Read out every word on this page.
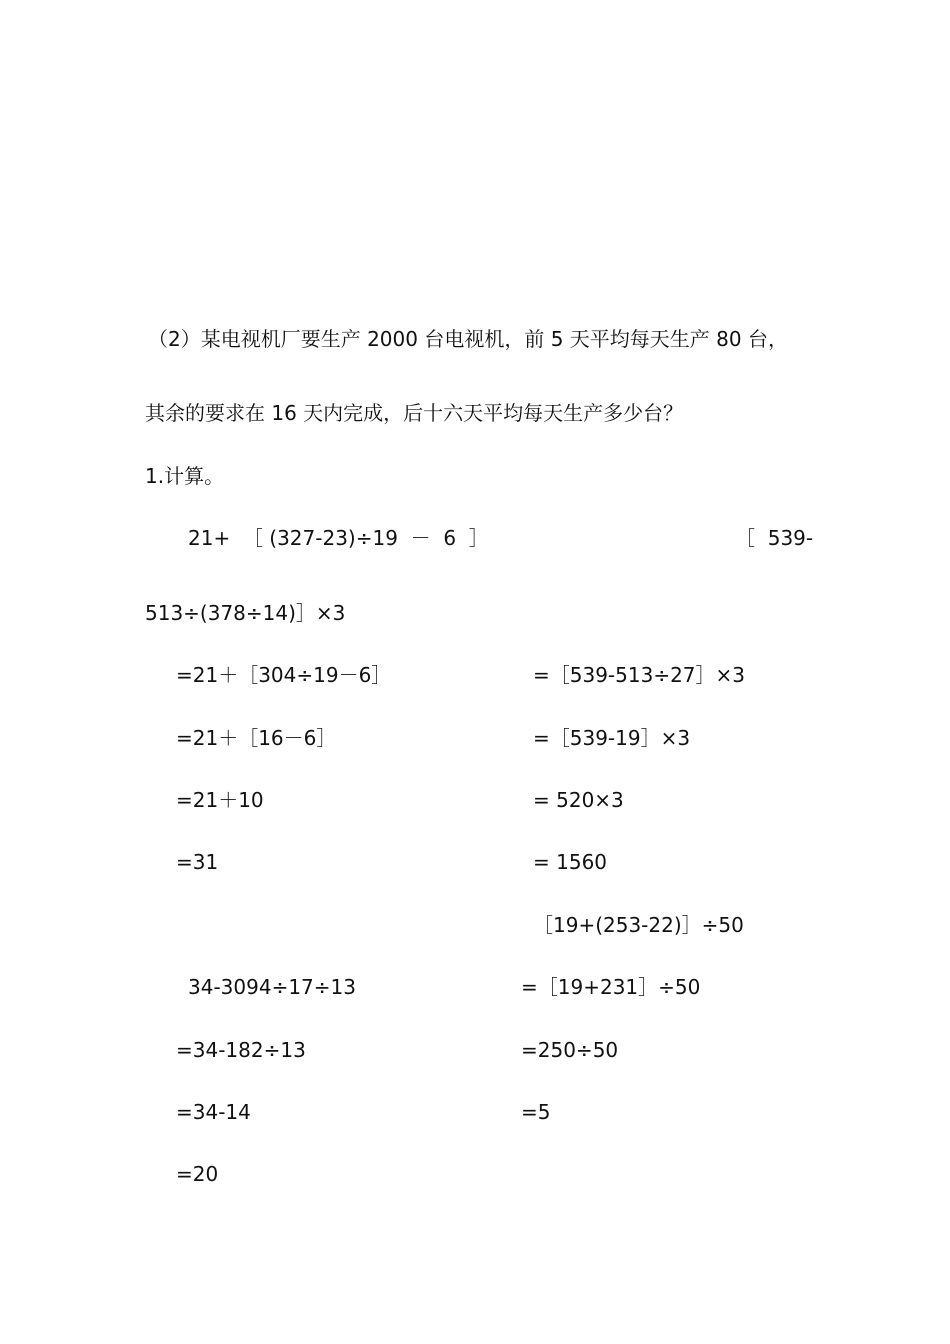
（2）某电视机厂要生产 2000 台电视机，前 5 天平均每天生产 80 台，

其余的要求在 16 天内完成，后十六天平均每天生产多少台？

1.计算。

21+  ［ (327-23)÷19  －  6  ］	［  539-

513÷(378÷14)］×3

=21＋［304÷19－6］

=21＋［16－6］

=21＋10

=31

=［539-513÷27］×3

=［539-19］×3

= 520×3

= 1560

［19+(253-22)］÷50

34-3094÷17÷13

=34-182÷13

=34-14

=20

=［19+231］÷50

=250÷50

=5
